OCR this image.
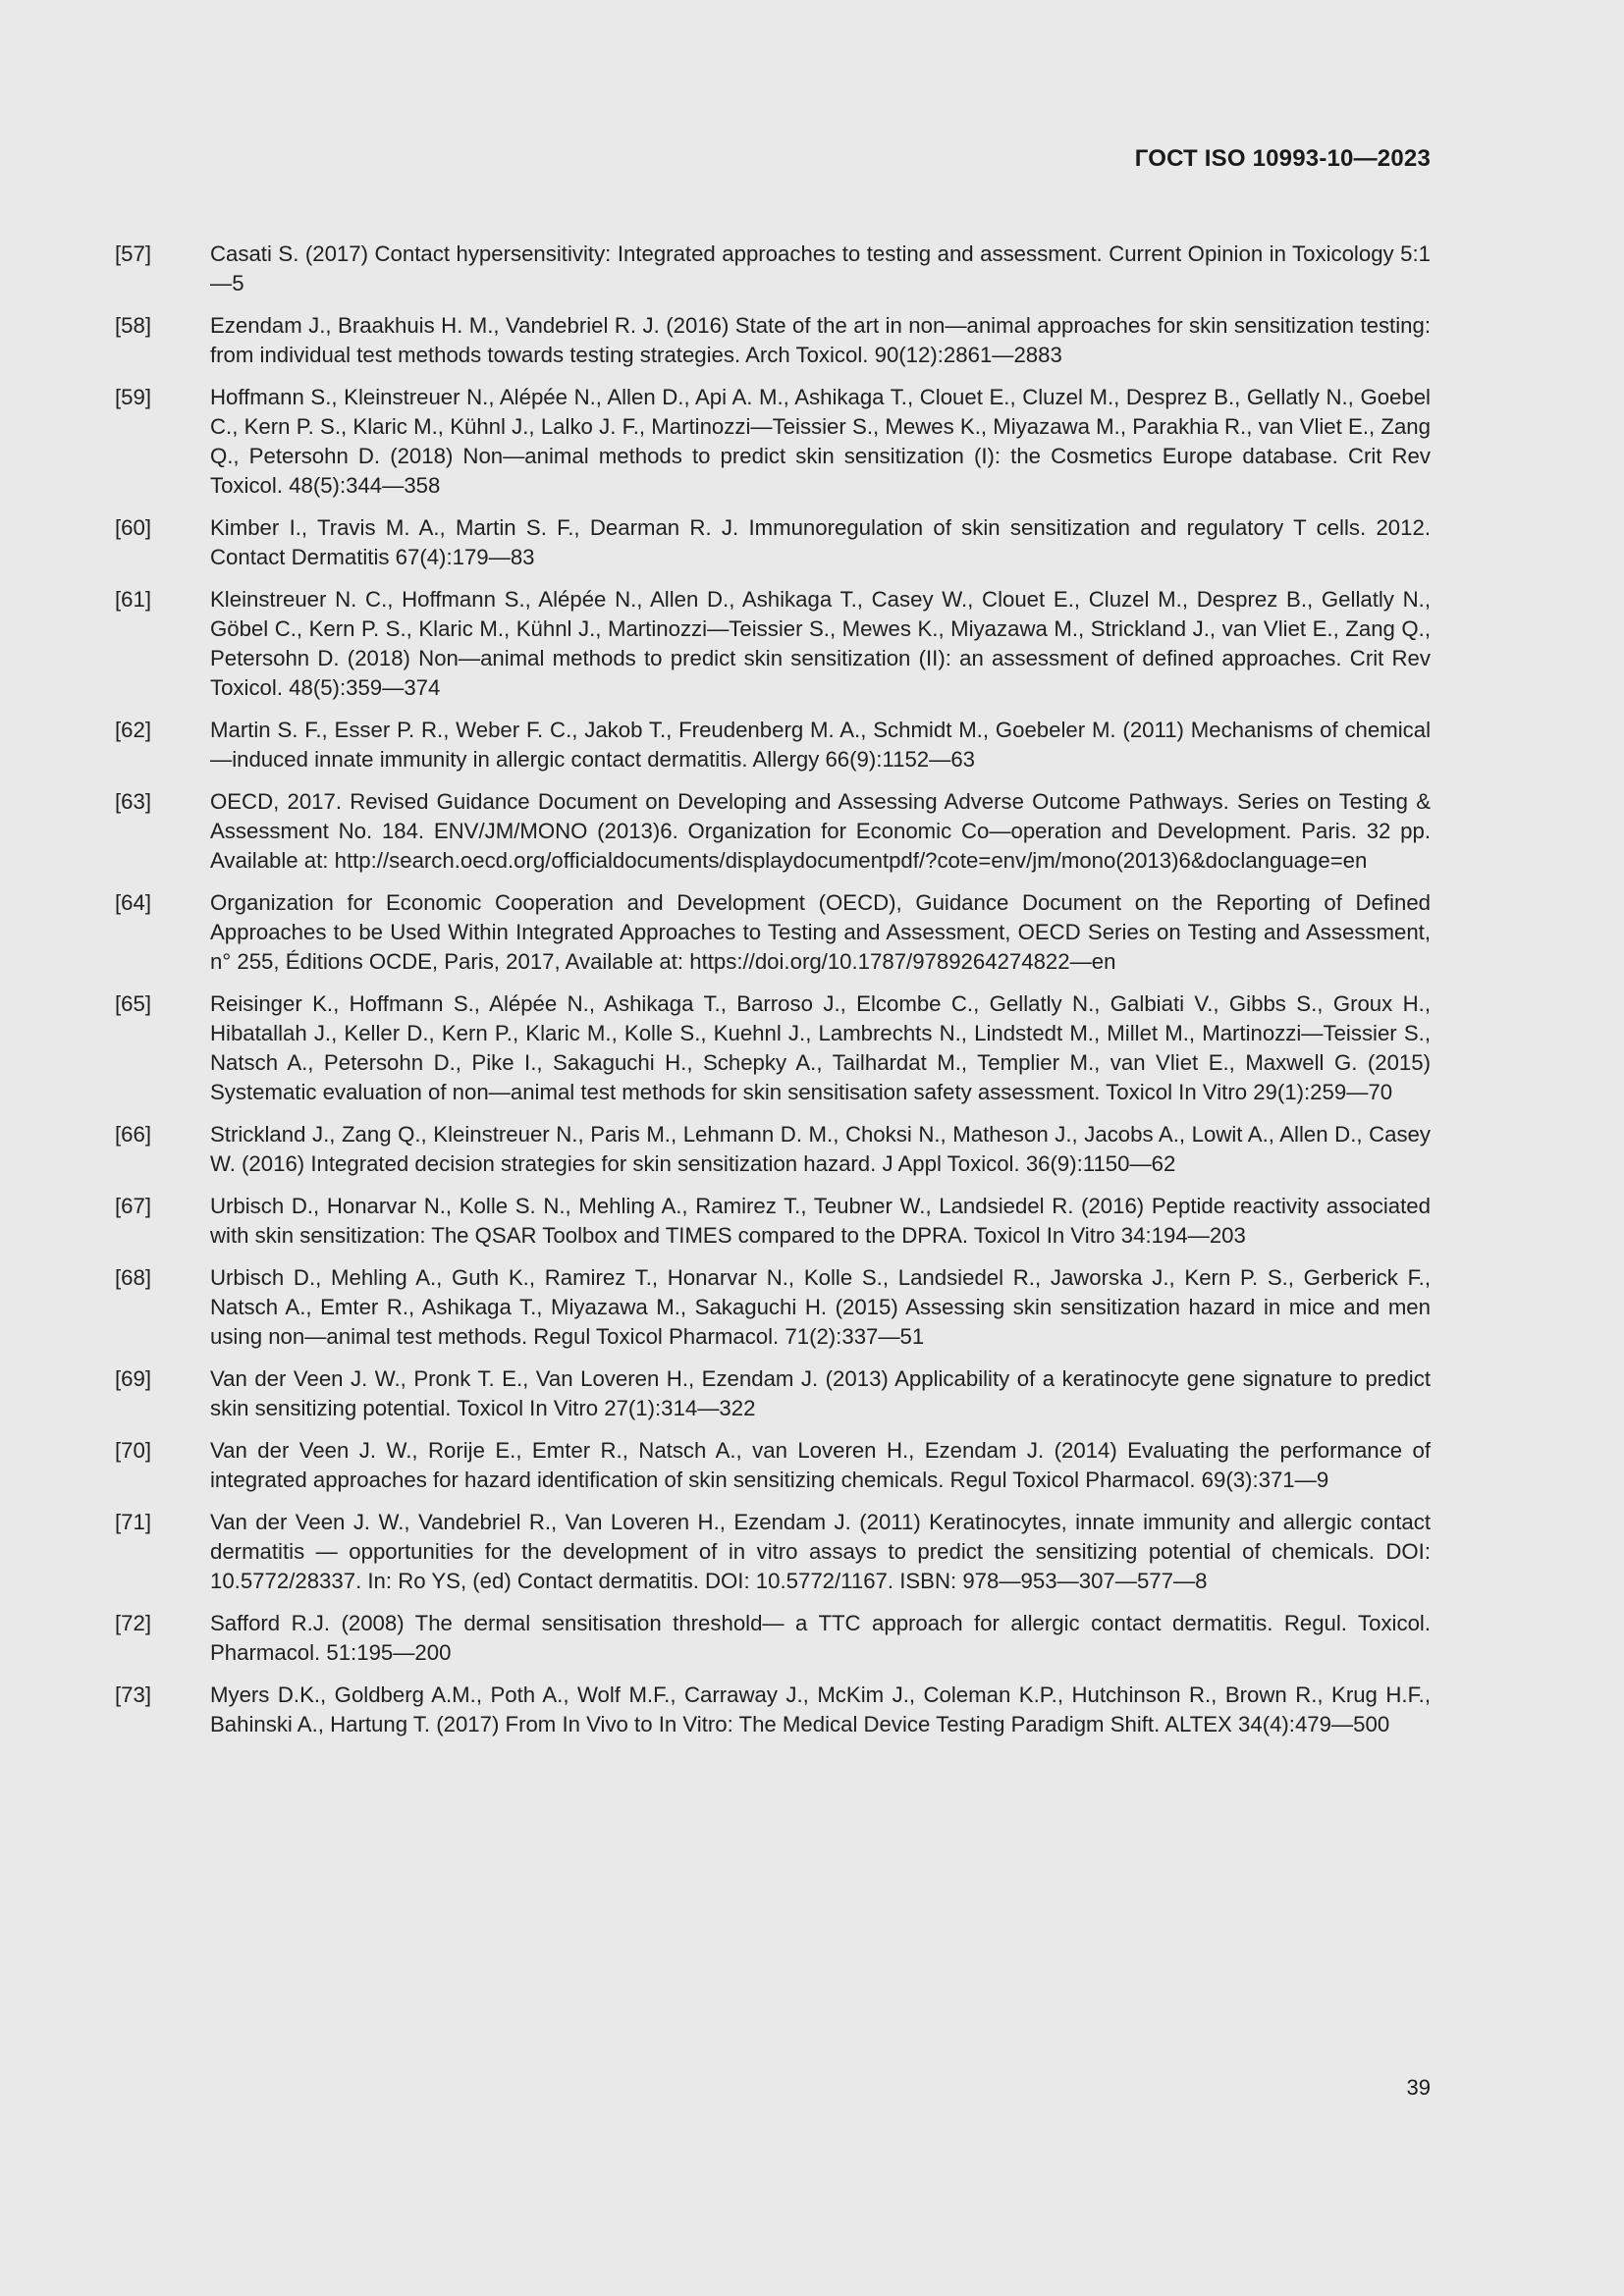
ГОСТ ISO 10993-10—2023
[57]	Casati S. (2017) Contact hypersensitivity: Integrated approaches to testing and assessment. Current Opinion in Toxicology 5:1—5
[58]	Ezendam J., Braakhuis H. M., Vandebriel R. J. (2016) State of the art in non—animal approaches for skin sensitization testing: from individual test methods towards testing strategies. Arch Toxicol. 90(12):2861—2883
[59]	Hoffmann S., Kleinstreuer N., Alépée N., Allen D., Api A. M., Ashikaga T., Clouet E., Cluzel M., Desprez B., Gellatly N., Goebel C., Kern P. S., Klaric M., Kühnl J., Lalko J. F., Martinozzi—Teissier S., Mewes K., Miyazawa M., Parakhia R., van Vliet E., Zang Q., Petersohn D. (2018) Non—animal methods to predict skin sensitization (I): the Cosmetics Europe database. Crit Rev Toxicol. 48(5):344—358
[60]	Kimber I., Travis M. A., Martin S. F., Dearman R. J. Immunoregulation of skin sensitization and regulatory T cells. 2012. Contact Dermatitis 67(4):179—83
[61]	Kleinstreuer N. C., Hoffmann S., Alépée N., Allen D., Ashikaga T., Casey W., Clouet E., Cluzel M., Desprez B., Gellatly N., Göbel C., Kern P. S., Klaric M., Kühnl J., Martinozzi—Teissier S., Mewes K., Miyazawa M., Strickland J., van Vliet E., Zang Q., Petersohn D. (2018) Non—animal methods to predict skin sensitization (II): an assessment of defined approaches. Crit Rev Toxicol. 48(5):359—374
[62]	Martin S. F., Esser P. R., Weber F. C., Jakob T., Freudenberg M. A., Schmidt M., Goebeler M. (2011) Mechanisms of chemical—induced innate immunity in allergic contact dermatitis. Allergy 66(9):1152—63
[63]	OECD, 2017. Revised Guidance Document on Developing and Assessing Adverse Outcome Pathways. Series on Testing & Assessment No. 184. ENV/JM/MONO (2013)6. Organization for Economic Co—operation and Development. Paris. 32 pp. Available at: http://search.oecd.org/officialdocuments/displaydocumentpdf/?cote=env/jm/mono(2013)6&doclanguage=en
[64]	Organization for Economic Cooperation and Development (OECD), Guidance Document on the Reporting of Defined Approaches to be Used Within Integrated Approaches to Testing and Assessment, OECD Series on Testing and Assessment, n° 255, Éditions OCDE, Paris, 2017, Available at: https://doi.org/10.1787/9789264274822—en
[65]	Reisinger K., Hoffmann S., Alépée N., Ashikaga T., Barroso J., Elcombe C., Gellatly N., Galbiati V., Gibbs S., Groux H., Hibatallah J., Keller D., Kern P., Klaric M., Kolle S., Kuehnl J., Lambrechts N., Lindstedt M., Millet M., Martinozzi—Teissier S., Natsch A., Petersohn D., Pike I., Sakaguchi H., Schepky A., Tailhardat M., Templier M., van Vliet E., Maxwell G. (2015) Systematic evaluation of non—animal test methods for skin sensitisation safety assessment. Toxicol In Vitro 29(1):259—70
[66]	Strickland J., Zang Q., Kleinstreuer N., Paris M., Lehmann D. M., Choksi N., Matheson J., Jacobs A., Lowit A., Allen D., Casey W. (2016) Integrated decision strategies for skin sensitization hazard. J Appl Toxicol. 36(9):1150—62
[67]	Urbisch D., Honarvar N., Kolle S. N., Mehling A., Ramirez T., Teubner W., Landsiedel R. (2016) Peptide reactivity associated with skin sensitization: The QSAR Toolbox and TIMES compared to the DPRA. Toxicol In Vitro 34:194—203
[68]	Urbisch D., Mehling A., Guth K., Ramirez T., Honarvar N., Kolle S., Landsiedel R., Jaworska J., Kern P. S., Gerberick F., Natsch A., Emter R., Ashikaga T., Miyazawa M., Sakaguchi H. (2015) Assessing skin sensitization hazard in mice and men using non—animal test methods. Regul Toxicol Pharmacol. 71(2):337—51
[69]	Van der Veen J. W., Pronk T. E., Van Loveren H., Ezendam J. (2013) Applicability of a keratinocyte gene signature to predict skin sensitizing potential. Toxicol In Vitro 27(1):314—322
[70]	Van der Veen J. W., Rorije E., Emter R., Natsch A., van Loveren H., Ezendam J. (2014) Evaluating the performance of integrated approaches for hazard identification of skin sensitizing chemicals. Regul Toxicol Pharmacol. 69(3):371—9
[71]	Van der Veen J. W., Vandebriel R., Van Loveren H., Ezendam J. (2011) Keratinocytes, innate immunity and allergic contact dermatitis — opportunities for the development of in vitro assays to predict the sensitizing potential of chemicals. DOI: 10.5772/28337. In: Ro YS, (ed) Contact dermatitis. DOI: 10.5772/1167. ISBN: 978—953—307—577—8
[72]	Safford R.J. (2008) The dermal sensitisation threshold— a TTC approach for allergic contact dermatitis. Regul. Toxicol. Pharmacol. 51:195—200
[73]	Myers D.K., Goldberg A.M., Poth A., Wolf M.F., Carraway J., McKim J., Coleman K.P., Hutchinson R., Brown R., Krug H.F., Bahinski A., Hartung T. (2017) From In Vivo to In Vitro: The Medical Device Testing Paradigm Shift. ALTEX 34(4):479—500
39
